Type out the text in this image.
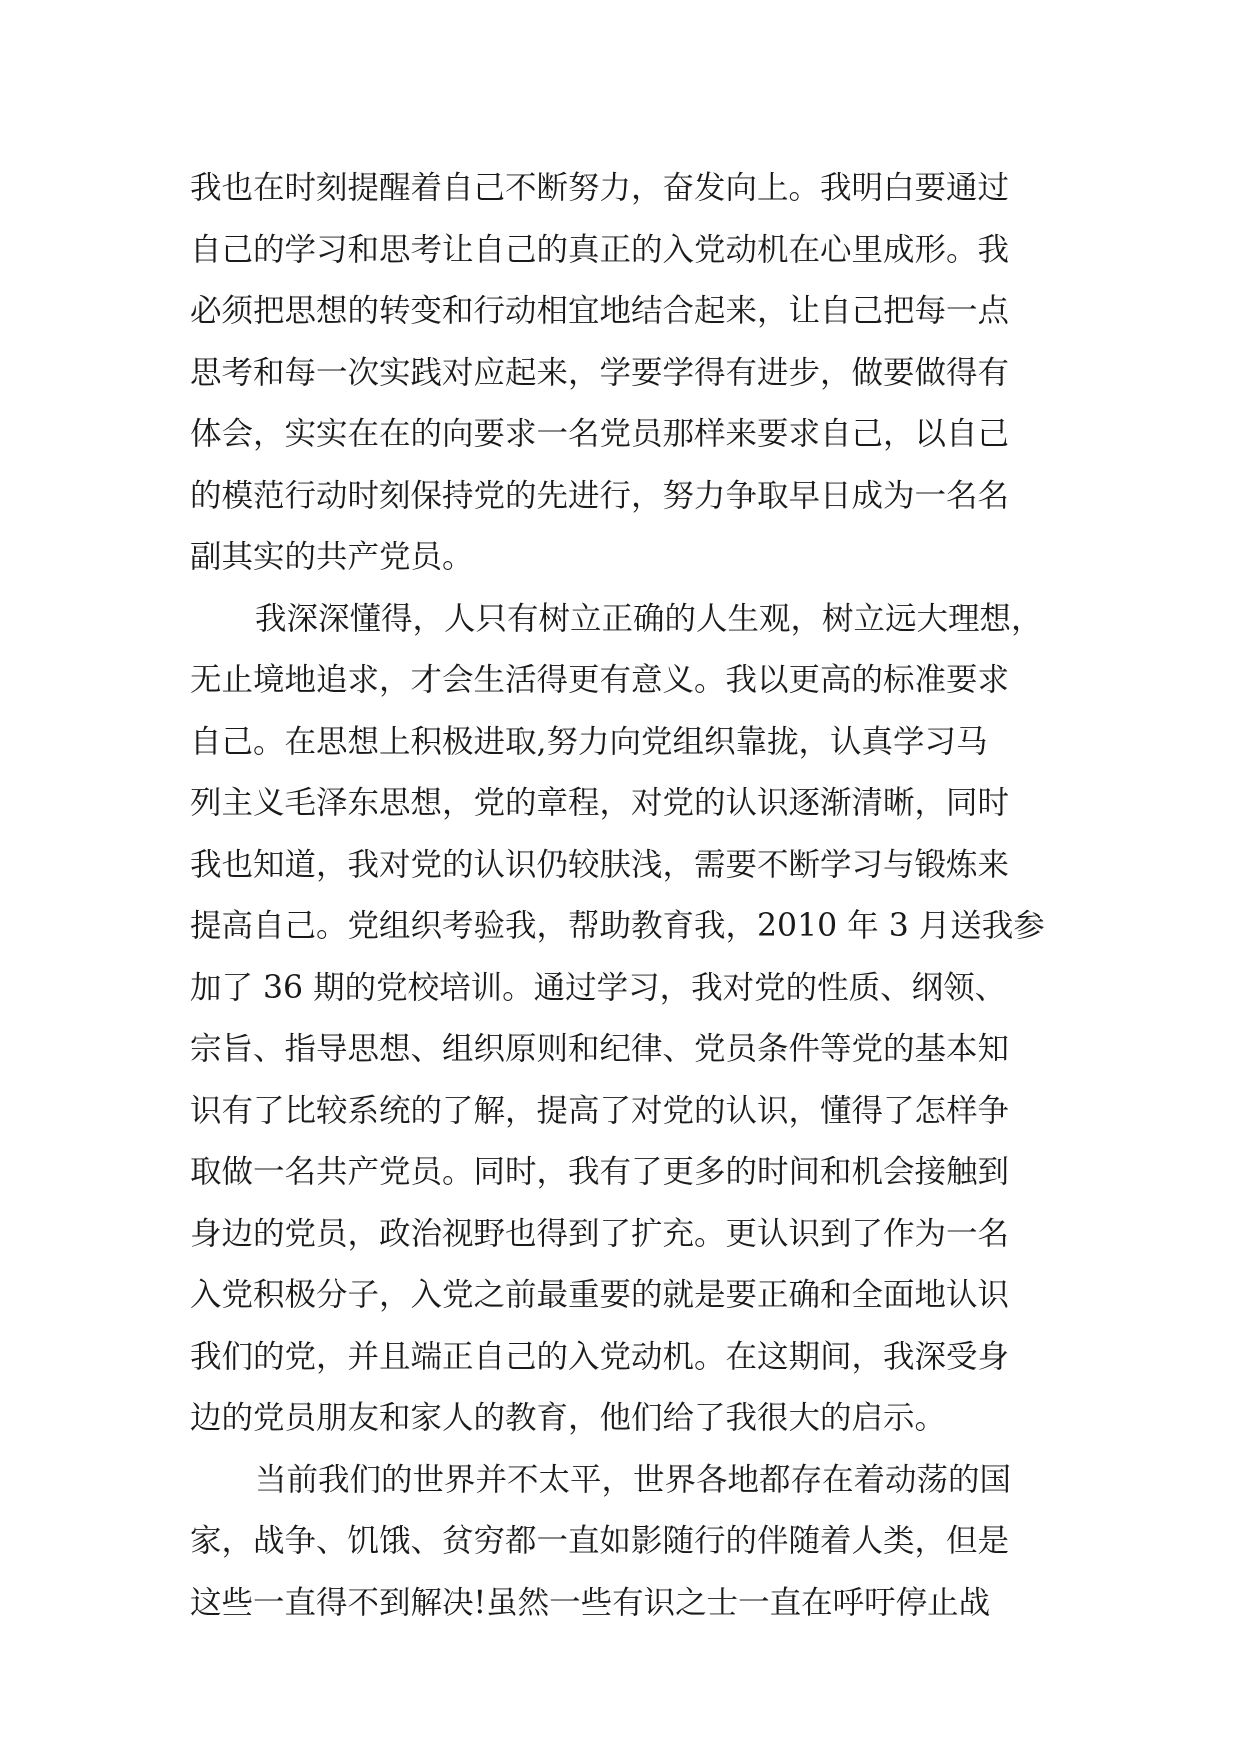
我也在时刻提醒着自己不断努力，奋发向上。我明白要通过
自己的学习和思考让自己的真正的入党动机在心里成形。我
必须把思想的转变和行动相宜地结合起来，让自己把每一点
思考和每一次实践对应起来，学要学得有进步，做要做得有
体会，实实在在的向要求一名党员那样来要求自己，以自己
的模范行动时刻保持党的先进行，努力争取早日成为一名名
副其实的共产党员。
我深深懂得，人只有树立正确的人生观，树立远大理想，
无止境地追求，才会生活得更有意义。我以更高的标准要求
自己。在思想上积极进取,努力向党组织靠拢，认真学习马
列主义毛泽东思想，党的章程，对党的认识逐渐清晰，同时
我也知道，我对党的认识仍较肤浅，需要不断学习与锻炼来
提高自己。党组织考验我，帮助教育我，2010 年 3 月送我参
加了 36 期的党校培训。通过学习，我对党的性质、纲领、
宗旨、指导思想、组织原则和纪律、党员条件等党的基本知
识有了比较系统的了解，提高了对党的认识，懂得了怎样争
取做一名共产党员。同时，我有了更多的时间和机会接触到
身边的党员，政治视野也得到了扩充。更认识到了作为一名
入党积极分子，入党之前最重要的就是要正确和全面地认识
我们的党，并且端正自己的入党动机。在这期间，我深受身
边的党员朋友和家人的教育，他们给了我很大的启示。
当前我们的世界并不太平，世界各地都存在着动荡的国
家，战争、饥饿、贫穷都一直如影随行的伴随着人类，但是
这些一直得不到解决!虽然一些有识之士一直在呼吁停止战
